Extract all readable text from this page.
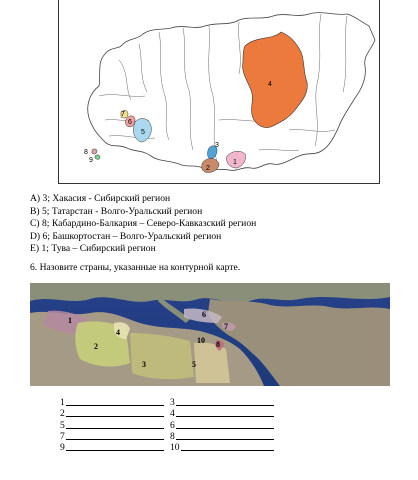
4
1
2
3
5
6
7
8
9
A) 3; Хакасия - Сибирский регион
B) 5; Татарстан - Волго-Уральский регион
C) 8; Кабардино-Балкария – Северо-Кавказский регион
D) 6; Башкортостан – Волго-Уральский регион
E) 1; Тува – Сибирский регион
6. Назовите страны, указанные на контурной карте.
1
2
3
4
5
6
7
8
10
1	3
2	4
5	6
7	8
9	10
